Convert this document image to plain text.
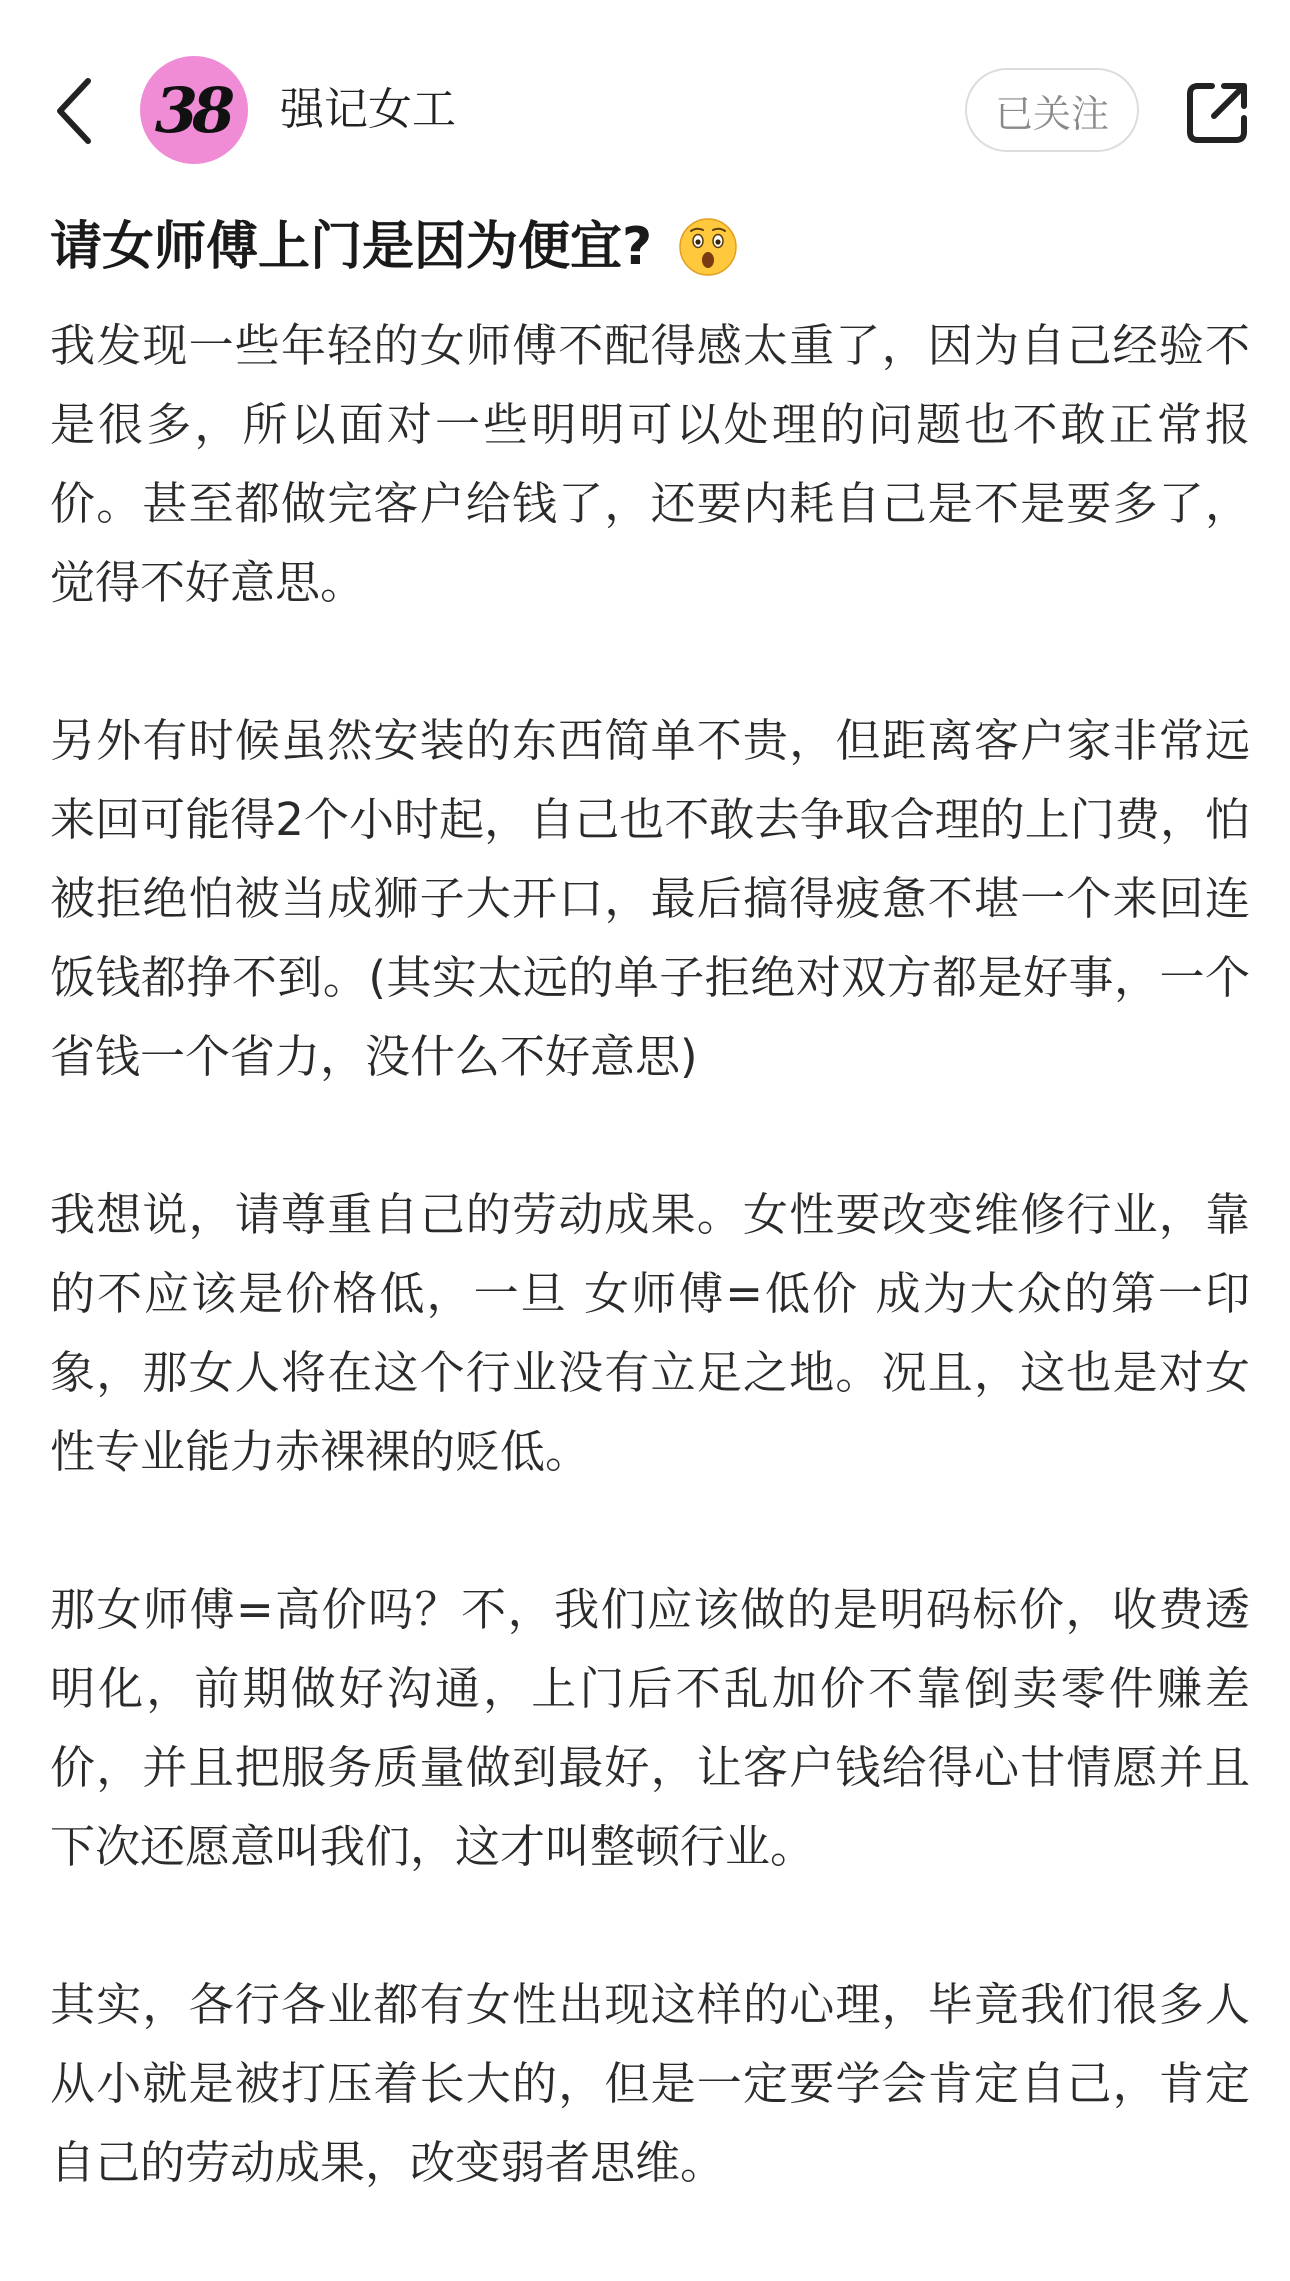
38 强记女工	已关注
请女师傅上门是因为便宜?

我发现一些年轻的女师傅不配得感太重了，因为自己经验不是很多，所以面对一些明明可以处理的问题也不敢正常报价。甚至都做完客户给钱了，还要内耗自己是不是要多了，觉得不好意思。

另外有时候虽然安装的东西简单不贵，但距离客户家非常远来回可能得2个小时起，自己也不敢去争取合理的上门费，怕被拒绝怕被当成狮子大开口，最后搞得疲惫不堪一个来回连饭钱都挣不到。(其实太远的单子拒绝对双方都是好事，一个省钱一个省力，没什么不好意思)

我想说，请尊重自己的劳动成果。女性要改变维修行业，靠的不应该是价格低，一旦 女师傅=低价 成为大众的第一印象，那女人将在这个行业没有立足之地。况且，这也是对女性专业能力赤裸裸的贬低。

那女师傅=高价吗？不，我们应该做的是明码标价，收费透明化，前期做好沟通，上门后不乱加价不靠倒卖零件赚差价，并且把服务质量做到最好，让客户钱给得心甘情愿并且下次还愿意叫我们，这才叫整顿行业。

其实，各行各业都有女性出现这样的心理，毕竟我们很多人从小就是被打压着长大的，但是一定要学会肯定自己，肯定自己的劳动成果，改变弱者思维。
